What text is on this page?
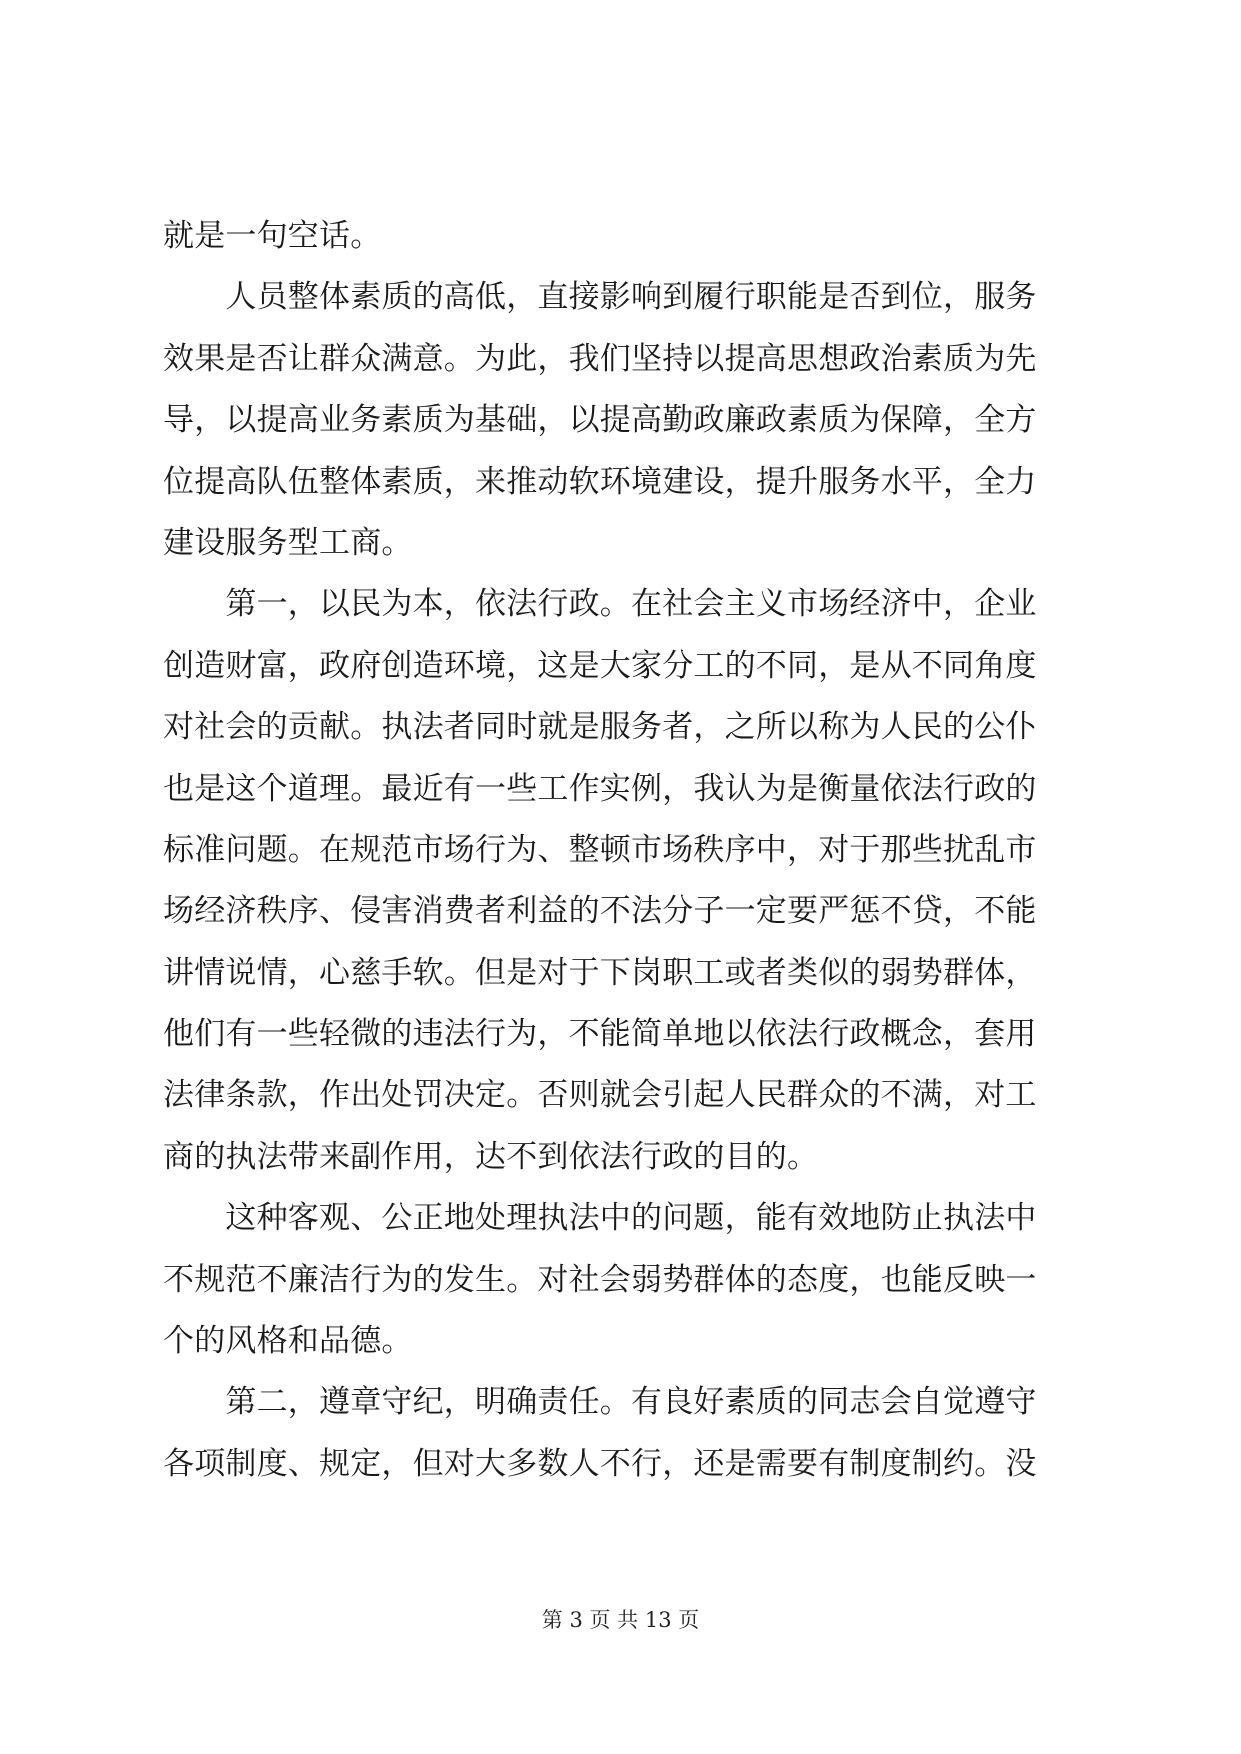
就是一句空话。
　　人员整体素质的高低，直接影响到履行职能是否到位，服务
效果是否让群众满意。为此，我们坚持以提高思想政治素质为先
导，以提高业务素质为基础，以提高勤政廉政素质为保障，全方
位提高队伍整体素质，来推动软环境建设，提升服务水平，全力
建设服务型工商。
　　第一，以民为本，依法行政。在社会主义市场经济中，企业
创造财富，政府创造环境，这是大家分工的不同，是从不同角度
对社会的贡献。执法者同时就是服务者，之所以称为人民的公仆
也是这个道理。最近有一些工作实例，我认为是衡量依法行政的
标准问题。在规范市场行为、整顿市场秩序中，对于那些扰乱市
场经济秩序、侵害消费者利益的不法分子一定要严惩不贷，不能
讲情说情，心慈手软。但是对于下岗职工或者类似的弱势群体，
他们有一些轻微的违法行为，不能简单地以依法行政概念，套用
法律条款，作出处罚决定。否则就会引起人民群众的不满，对工
商的执法带来副作用，达不到依法行政的目的。
　　这种客观、公正地处理执法中的问题，能有效地防止执法中
不规范不廉洁行为的发生。对社会弱势群体的态度，也能反映一
个的风格和品德。
　　第二，遵章守纪，明确责任。有良好素质的同志会自觉遵守
各项制度、规定，但对大多数人不行，还是需要有制度制约。没
第 3 页 共 13 页
